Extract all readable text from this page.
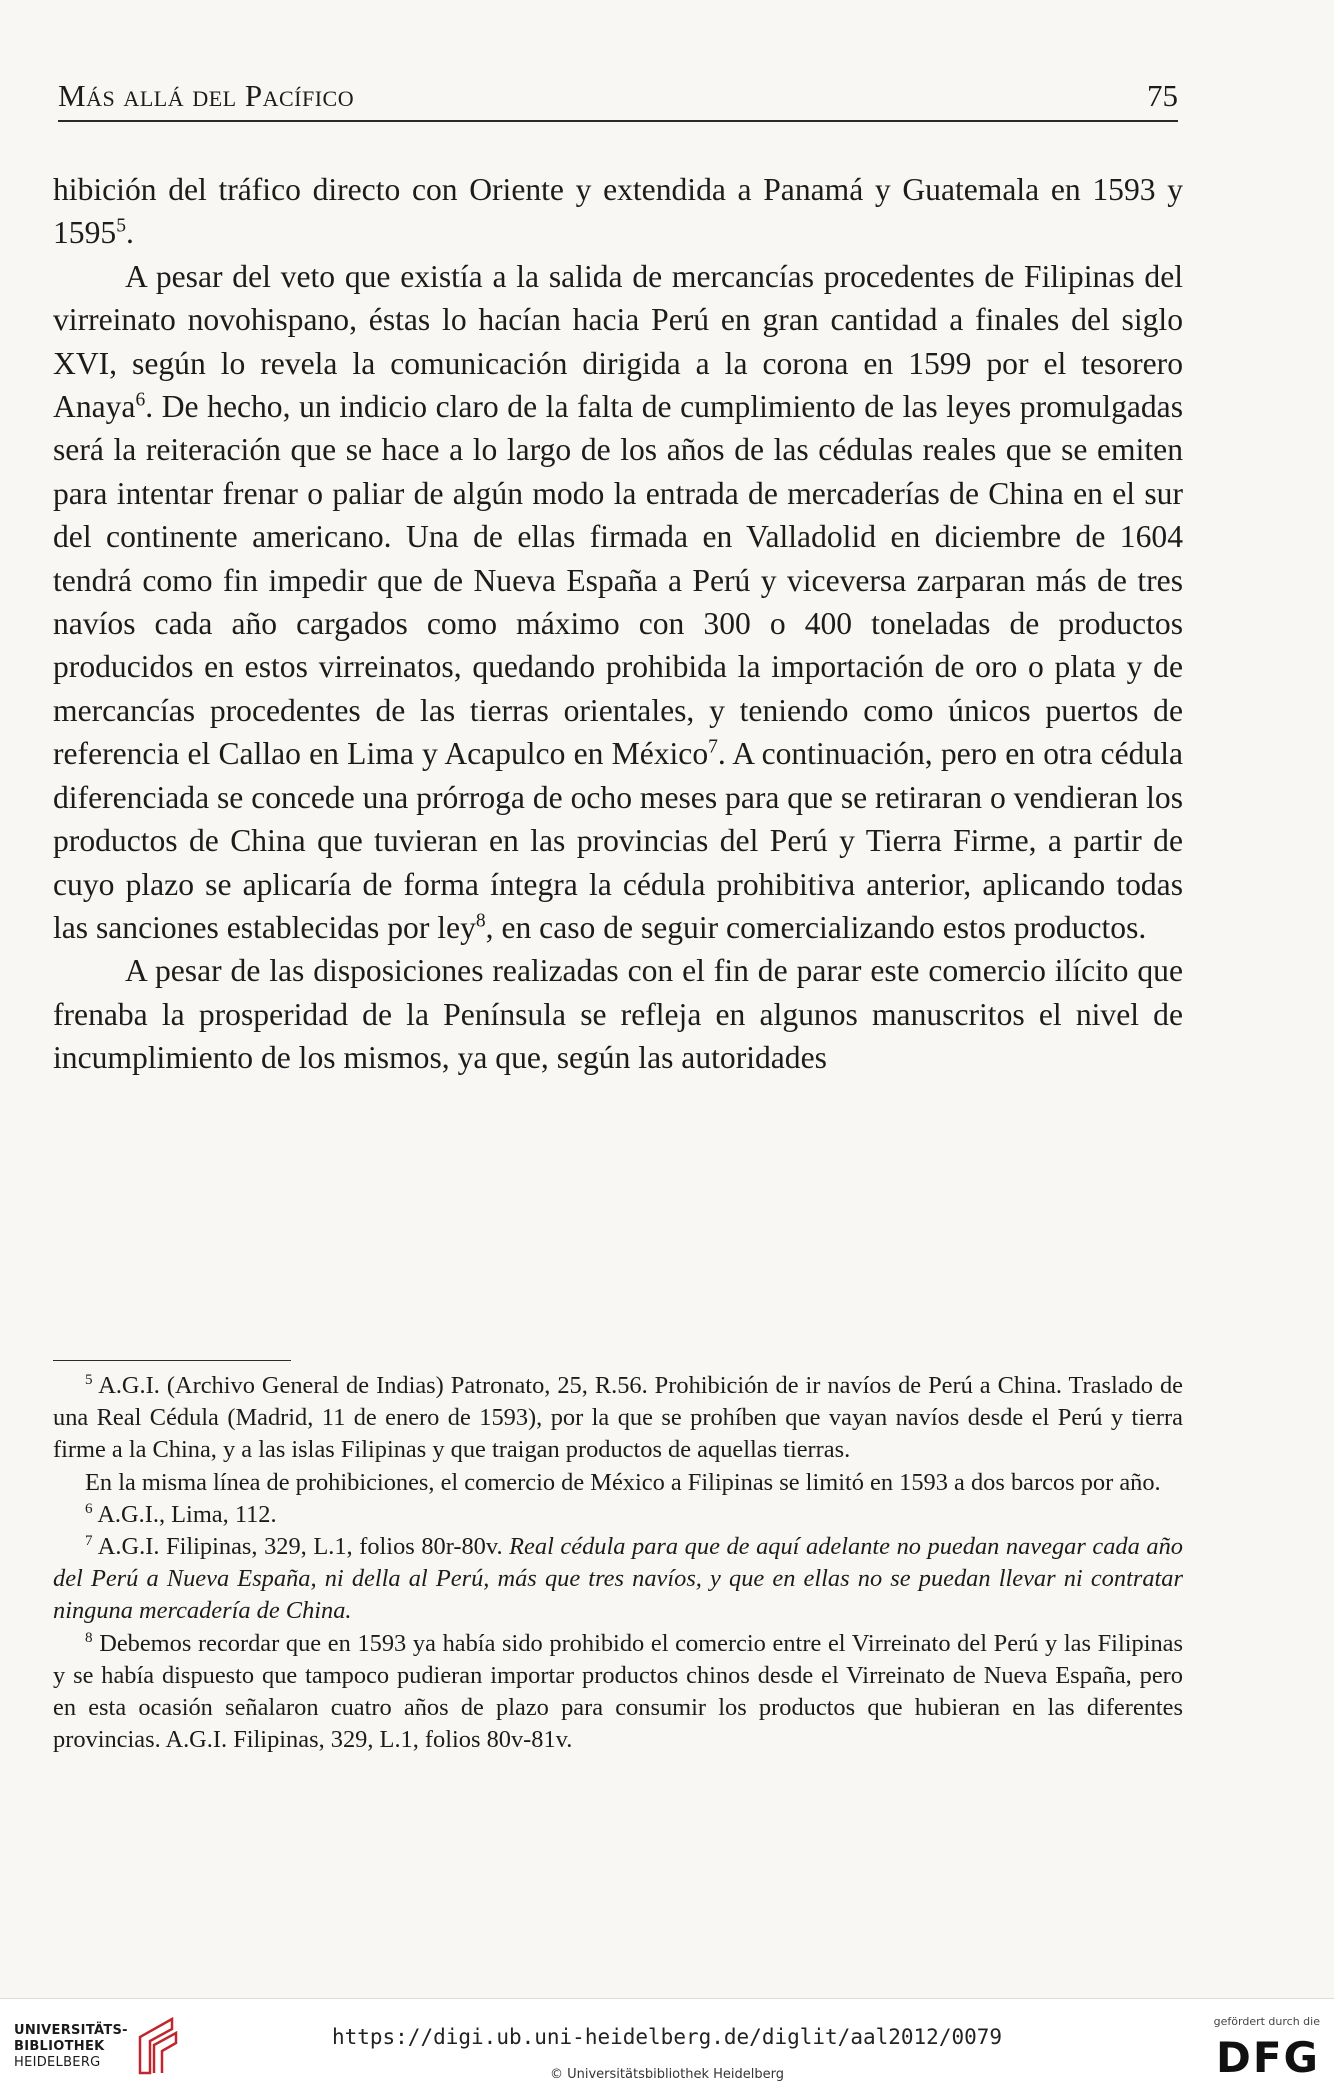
Más allá del Pacífico	75

hibición del tráfico directo con Oriente y extendida a Panamá y Guatemala en 1593 y 1595$^5$.

A pesar del veto que existía a la salida de mercancías procedentes de Filipinas del virreinato novohispano, éstas lo hacían hacia Perú en gran cantidad a finales del siglo XVI, según lo revela la comunicación dirigida a la corona en 1599 por el tesorero Anaya$^6$. De hecho, un indicio claro de la falta de cumplimiento de las leyes promulgadas será la reiteración que se hace a lo largo de los años de las cédulas reales que se emiten para intentar frenar o paliar de algún modo la entrada de mercaderías de China en el sur del continente americano. Una de ellas firmada en Valladolid en diciembre de 1604 tendrá como fin impedir que de Nueva España a Perú y viceversa zarparan más de tres navíos cada año cargados como máximo con 300 o 400 toneladas de productos producidos en estos virreinatos, quedando prohibida la importación de oro o plata y de mercancías procedentes de las tierras orientales, y teniendo como únicos puertos de referencia el Callao en Lima y Acapulco en México$^7$. A continuación, pero en otra cédula diferenciada se concede una prórroga de ocho meses para que se retiraran o vendieran los productos de China que tuvieran en las provincias del Perú y Tierra Firme, a partir de cuyo plazo se aplicaría de forma íntegra la cédula prohibitiva anterior, aplicando todas las sanciones establecidas por ley$^8$, en caso de seguir comercializando estos productos.

A pesar de las disposiciones realizadas con el fin de parar este comercio ilícito que frenaba la prosperidad de la Península se refleja en algunos manuscritos el nivel de incumplimiento de los mismos, ya que, según las autoridades

$^5$ A.G.I. (Archivo General de Indias) Patronato, 25, R.56. Prohibición de ir navíos de Perú a China. Traslado de una Real Cédula (Madrid, 11 de enero de 1593), por la que se prohíben que vayan navíos desde el Perú y tierra firme a la China, y a las islas Filipinas y que traigan productos de aquellas tierras.

En la misma línea de prohibiciones, el comercio de México a Filipinas se limitó en 1593 a dos barcos por año.

$^6$ A.G.I., Lima, 112.

$^7$ A.G.I. Filipinas, 329, L.1, folios 80r-80v. Real cédula para que de aquí adelante no puedan navegar cada año del Perú a Nueva España, ni della al Perú, más que tres navíos, y que en ellas no se puedan llevar ni contratar ninguna mercadería de China.

$^8$ Debemos recordar que en 1593 ya había sido prohibido el comercio entre el Virreinato del Perú y las Filipinas y se había dispuesto que tampoco pudieran importar productos chinos desde el Virreinato de Nueva España, pero en esta ocasión señalaron cuatro años de plazo para consumir los productos que hubieran en las diferentes provincias. A.G.I. Filipinas, 329, L.1, folios 80v-81v.

UNIVERSITÄTS-
BIBLIOTHEK
HEIDELBERG
https://digi.ub.uni-heidelberg.de/diglit/aal2012/0079
© Universitätsbibliothek Heidelberg
gefördert durch die
DFG
